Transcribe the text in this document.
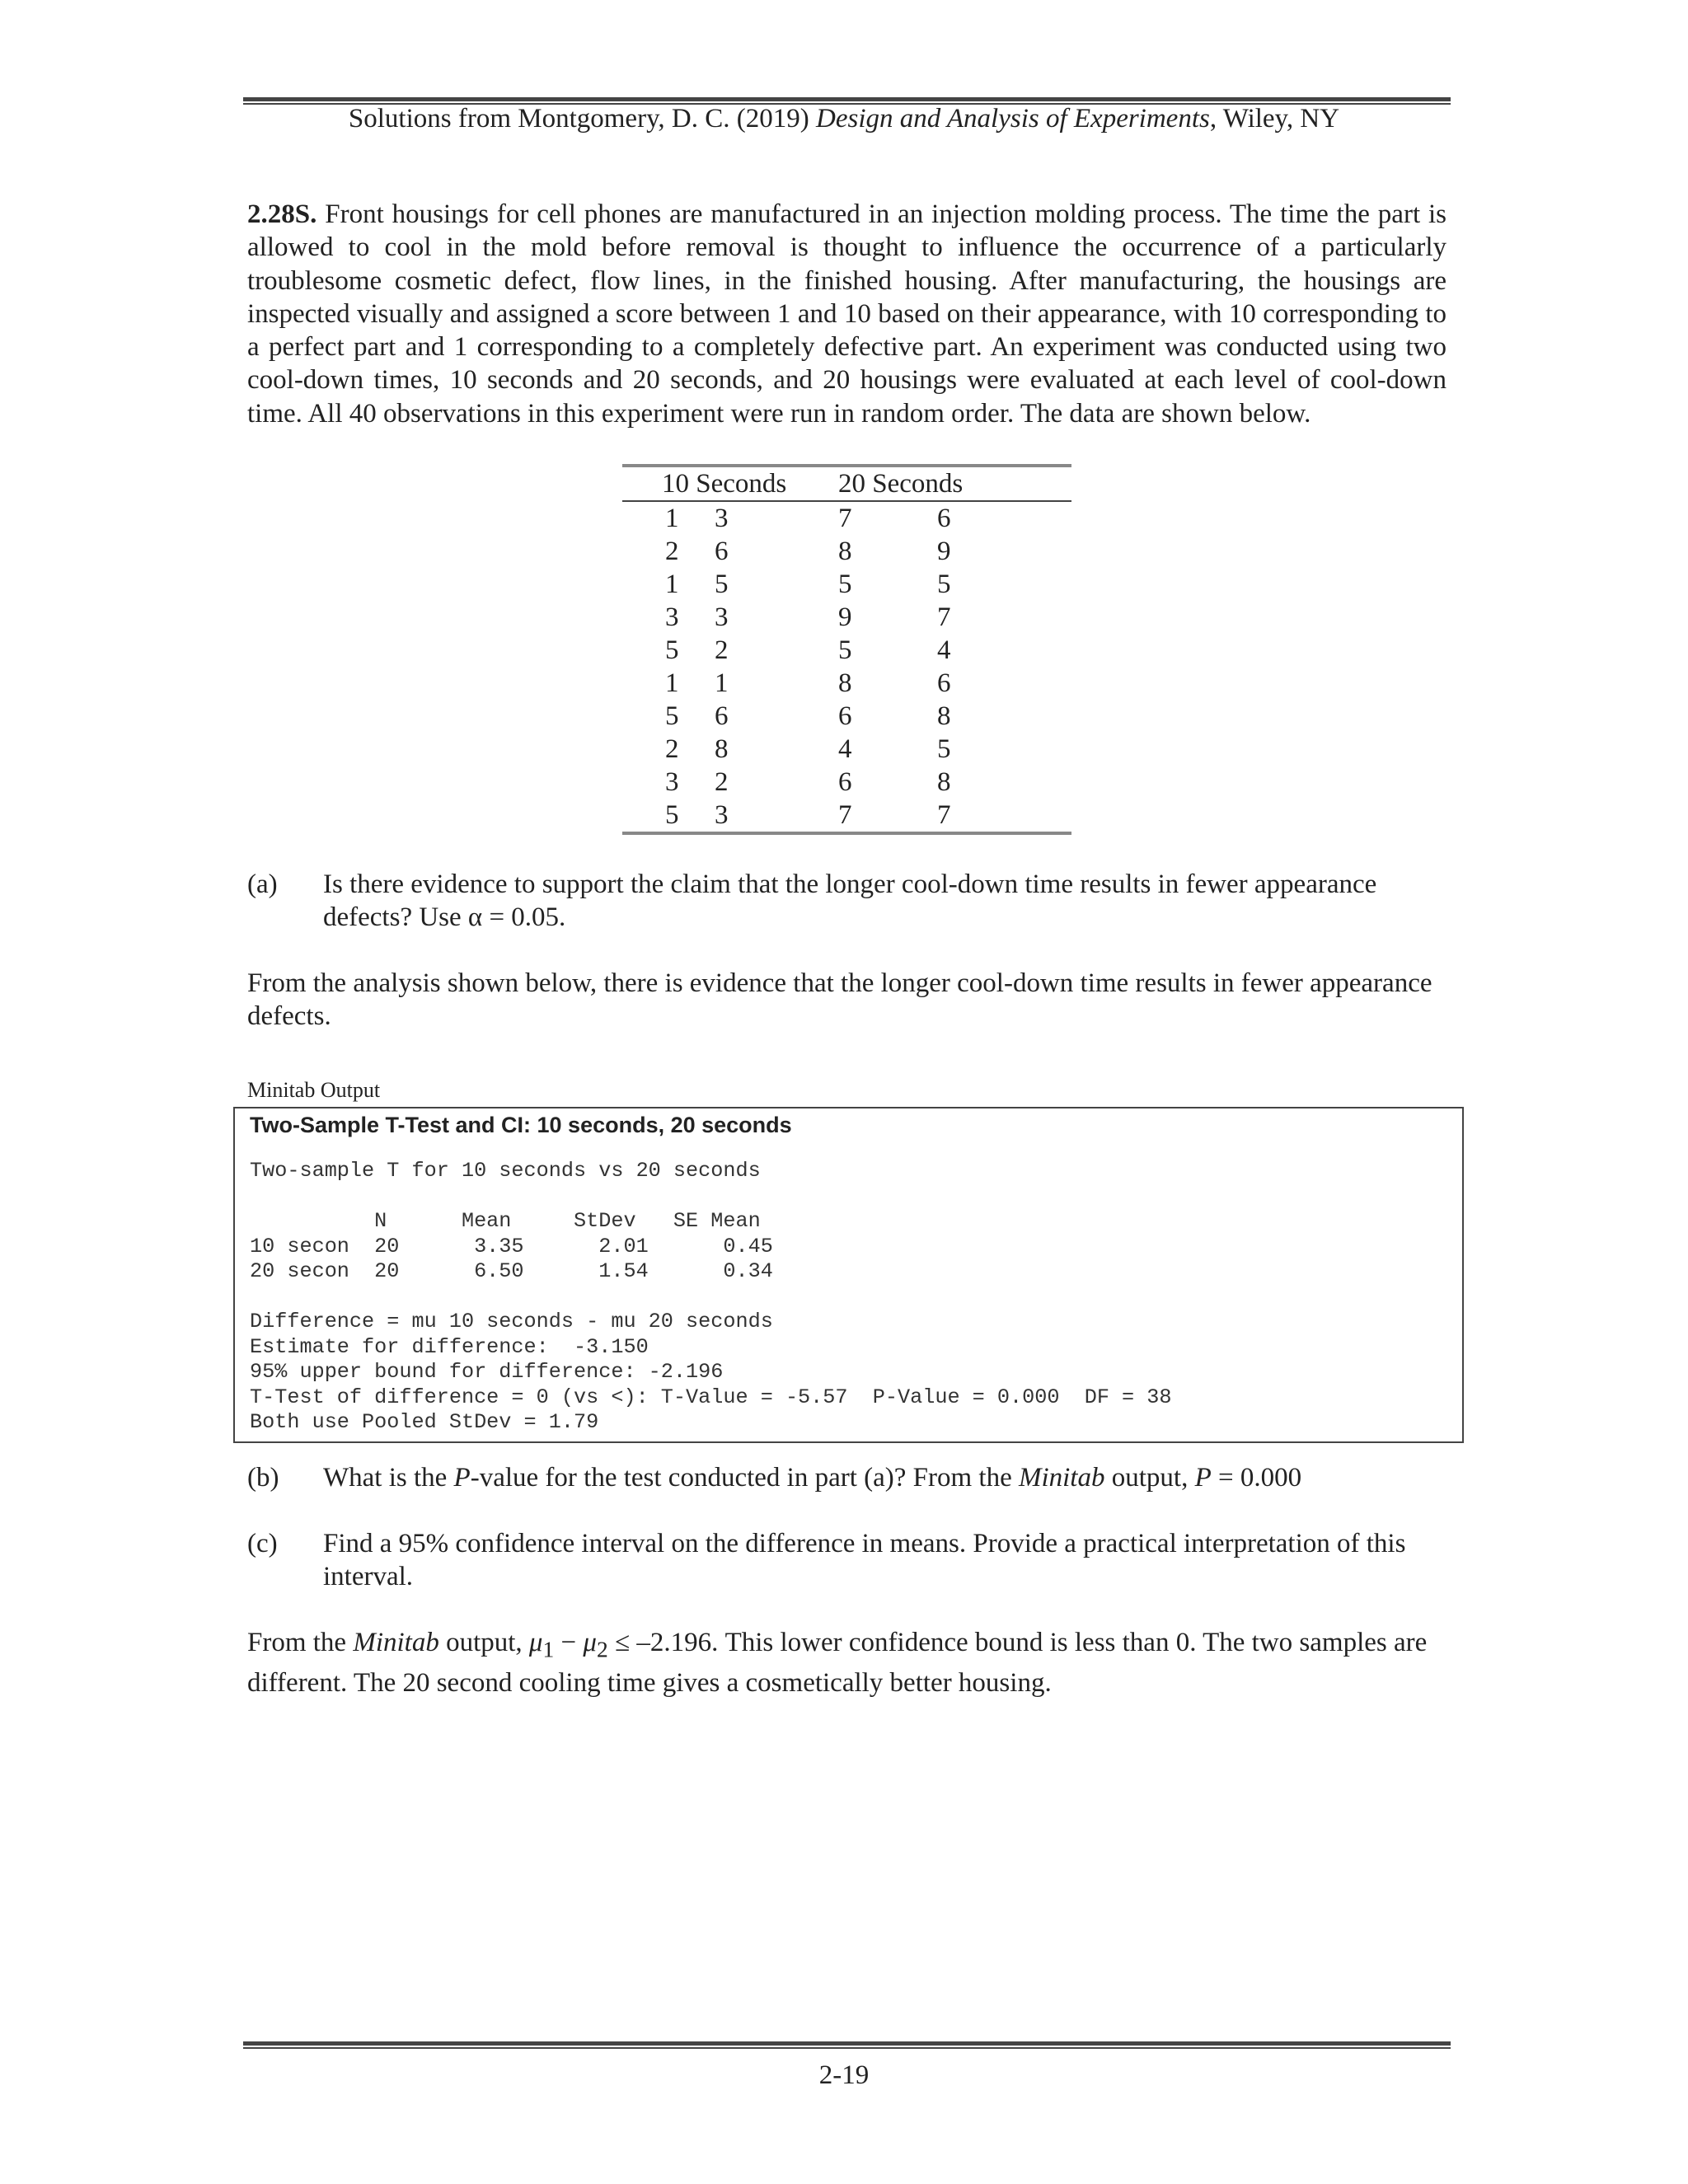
Solutions from Montgomery, D. C. (2019) Design and Analysis of Experiments, Wiley, NY
2.28S. Front housings for cell phones are manufactured in an injection molding process. The time the part is allowed to cool in the mold before removal is thought to influence the occurrence of a particularly troublesome cosmetic defect, flow lines, in the finished housing. After manufacturing, the housings are inspected visually and assigned a score between 1 and 10 based on their appearance, with 10 corresponding to a perfect part and 1 corresponding to a completely defective part. An experiment was conducted using two cool-down times, 10 seconds and 20 seconds, and 20 housings were evaluated at each level of cool-down time. All 40 observations in this experiment were run in random order. The data are shown below.
10 Seconds		20 Seconds	
1	3	7	6
2	6	8	9
1	5	5	5
3	3	9	7
5	2	5	4
1	1	8	6
5	6	6	8
2	8	4	5
3	2	6	8
5	3	7	7
(a) Is there evidence to support the claim that the longer cool-down time results in fewer appearance defects? Use α = 0.05.
From the analysis shown below, there is evidence that the longer cool-down time results in fewer appearance defects.
Minitab Output
Two-Sample T-Test and CI: 10 seconds, 20 seconds
Two-sample T for 10 seconds vs 20 seconds
N      Mean     StDev   SE Mean
10 secon  20      3.35      2.01      0.45
20 secon  20      6.50      1.54      0.34
Difference = mu 10 seconds - mu 20 seconds
Estimate for difference:  -3.150
95% upper bound for difference: -2.196
T-Test of difference = 0 (vs <): T-Value = -5.57  P-Value = 0.000  DF = 38
Both use Pooled StDev = 1.79
(b) What is the P-value for the test conducted in part (a)? From the Minitab output, P = 0.000
(c) Find a 95% confidence interval on the difference in means. Provide a practical interpretation of this interval.
From the Minitab output, $\mu_1 - \mu_2 \le -2.196$. This lower confidence bound is less than 0. The two samples are different. The 20 second cooling time gives a cosmetically better housing.
2-19
